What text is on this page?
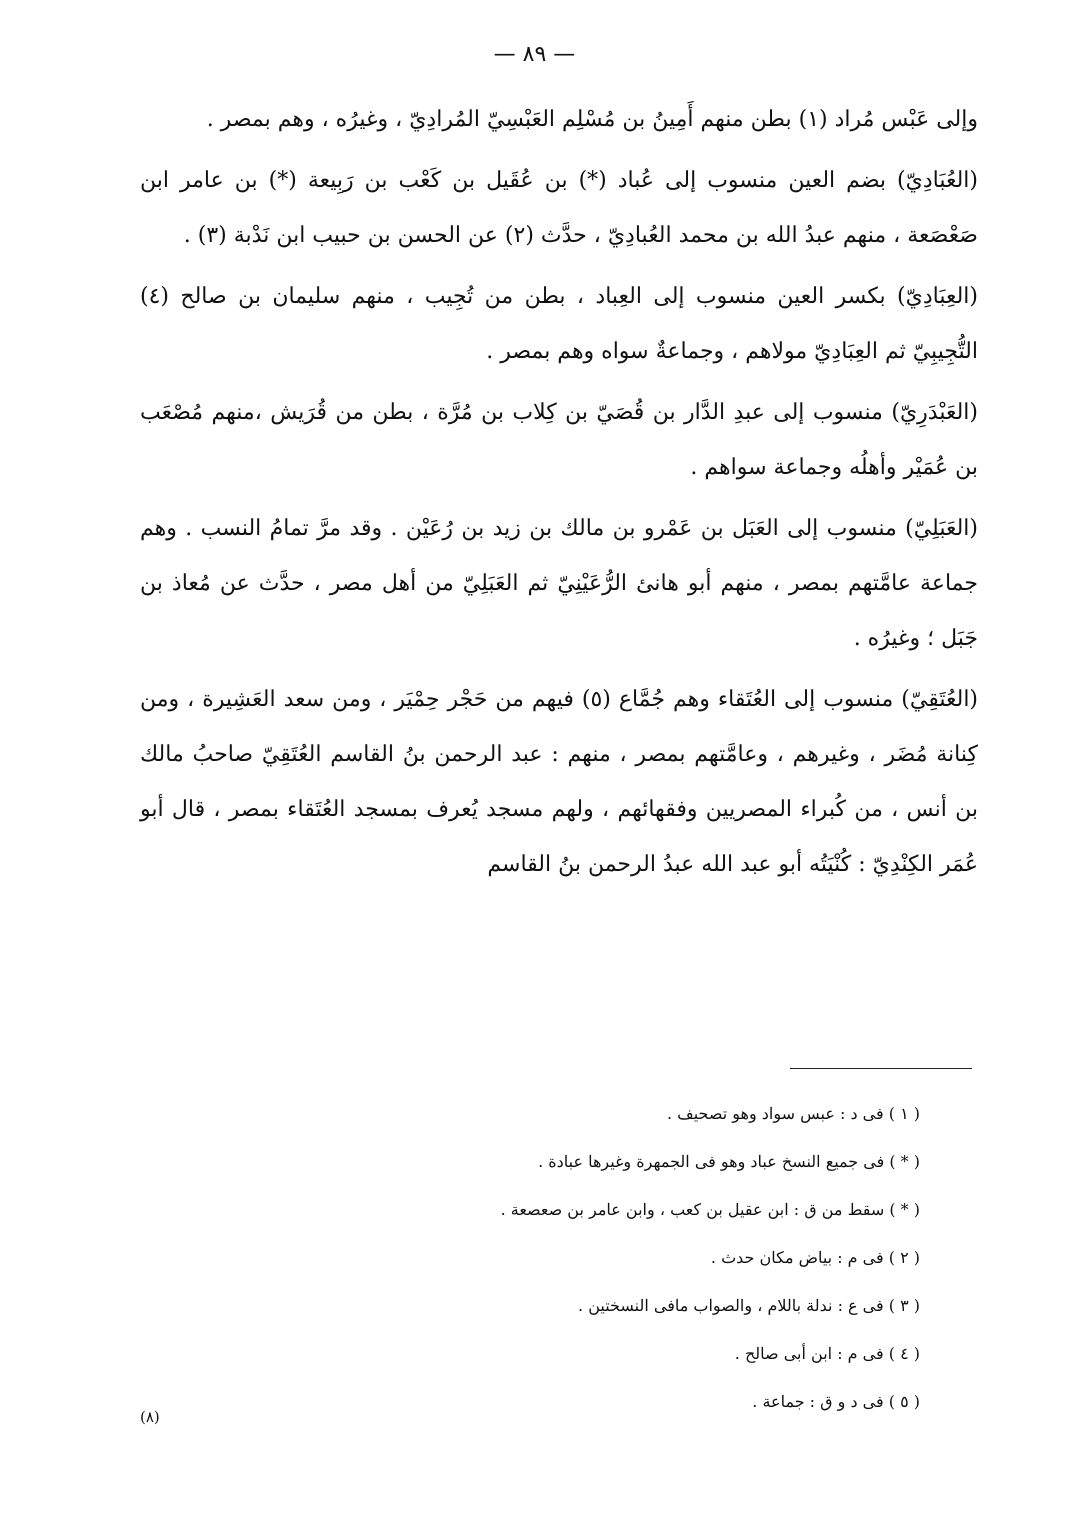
— ٨٩ —

وإلى عَبْس مُراد (١) بطن منهم أَمِينُ بن مُسْلِم العَبْسِيّ المُرادِيّ ، وغيرُه ، وهم بمصر .

(العُبَادِيّ) بضم العين منسوب إلى عُباد (*) بن عُقَيل بن كَعْب بن رَبِيعة (*) بن عامر ابن صَعْصَعة ، منهم عبدُ الله بن محمد العُبادِيّ ، حدَّث (٢) عن الحسن بن حبيب ابن نَدْبة (٣) .

(العِبَادِيّ) بكسر العين منسوب إلى العِباد ، بطن من تُجِيب ، منهم سليمان بن صالح (٤) التُّجِيبِيّ ثم العِبَادِيّ مولاهم ، وجماعةٌ سواه وهم بمصر .

(العَبْدَرِيّ) منسوب إلى عبدِ الدَّار بن قُصَيّ بن كِلاب بن مُرَّة ، بطن من قُرَيش ،منهم مُصْعَب بن عُمَيْر وأهلُه وجماعة سواهم .

(العَبَلِيّ) منسوب إلى العَبَل بن عَمْرو بن مالك بن زيد بن رُعَيْن . وقد مرَّ تمامُ النسب . وهم جماعة عامَّتهم بمصر ، منهم أبو هانئ الرُّعَيْنِيّ ثم العَبَلِيّ من أهل مصر ، حدَّث عن مُعاذ بن جَبَل ؛ وغيرُه .

(العُتَقِيّ) منسوب إلى العُتَقاء وهم جُمَّاع (٥) فيهم من حَجْر حِمْيَر ، ومن سعد العَشِيرة ، ومن كِنانة مُضَر ، وغيرهم ، وعامَّتهم بمصر ، منهم : عبد الرحمن بنُ القاسم العُتَقِيّ صاحبُ مالك بن أنس ، من كُبراء المصريين وفقهائهم ، ولهم مسجد يُعرف بمسجد العُتَقاء بمصر ، قال أبو عُمَر الكِنْدِيّ : كُنْيَتُه أبو عبد الله عبدُ الرحمن بنُ القاسم

( ١ ) فى د : عبس سواد وهو تصحيف .
( * ) فى جميع النسخ عباد وهو فى الجمهرة وغيرها عبادة .
( * ) سقط من ق : ابن عقيل بن كعب ، وابن عامر بن صعصعة .
( ٢ ) فى م : بياض مكان حدث .
( ٣ ) فى ع : ندلة باللام ، والصواب مافى النسختين .
( ٤ ) فى م : ابن أبى صالح .
( ٥ ) فى د و ق : جماعة .
(٨)
